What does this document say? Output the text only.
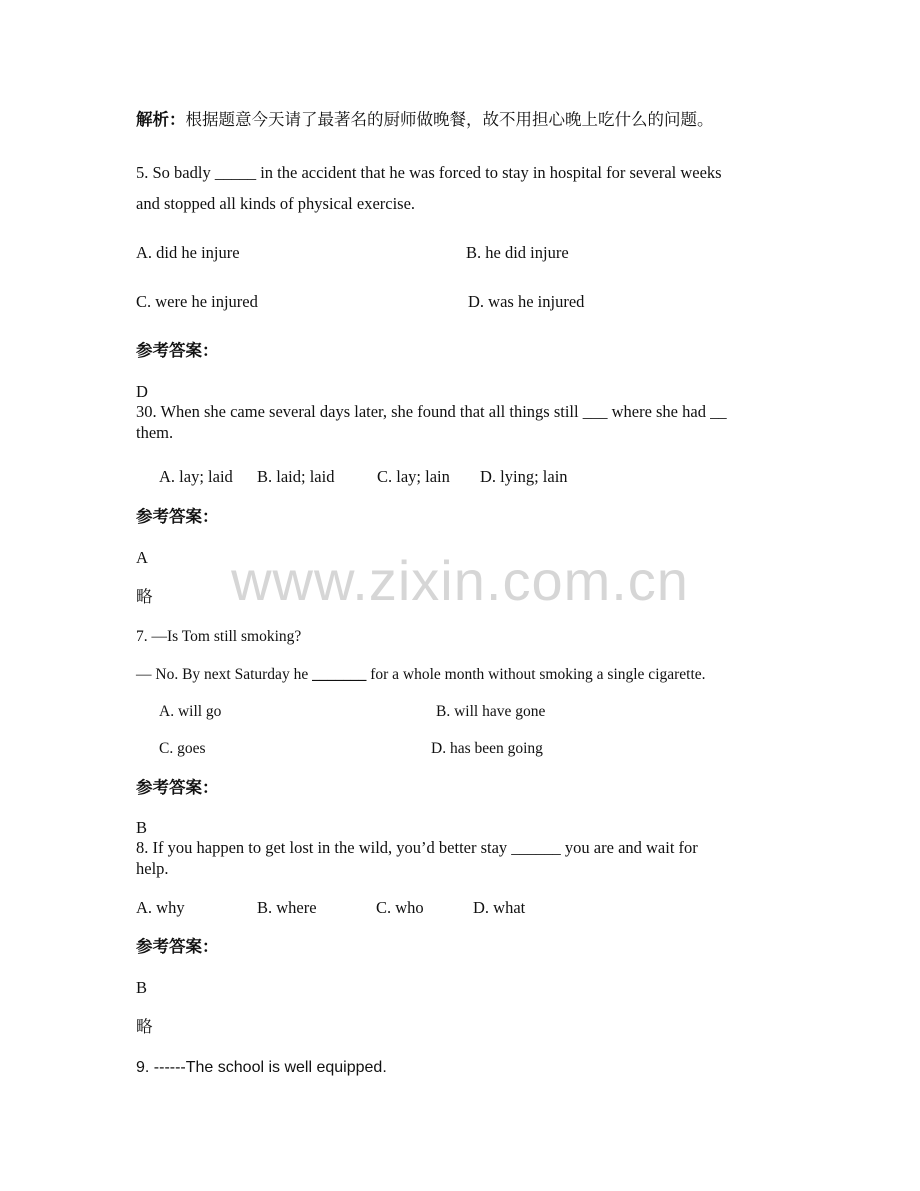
www.zixin.com.cn
解析：根据题意今天请了最著名的厨师做晚餐，故不用担心晚上吃什么的问题。
5. So badly _____ in the accident that he was forced to stay in hospital for several weeks
and stopped all kinds of physical exercise.
A. did he injure	B. he did injure
C. were he injured	D. was he injured
参考答案：
D
30. When she came several days later, she found that all things still ___ where she had __
them.
A. lay; laid B. laid; laid	C. lay; lain D. lying; lain
参考答案：
A
略
7. —Is Tom still smoking?
— No. By next Saturday he _______ for a whole month without smoking a single cigarette.
A. will go	B. will have gone
C. goes	D. has been going
参考答案：
B
8. If you happen to get lost in the wild, you’d better stay ______ you are and wait for
help.
A. why	B. where	C. who	D. what
参考答案：
B
略
9. ------The school is well equipped.
